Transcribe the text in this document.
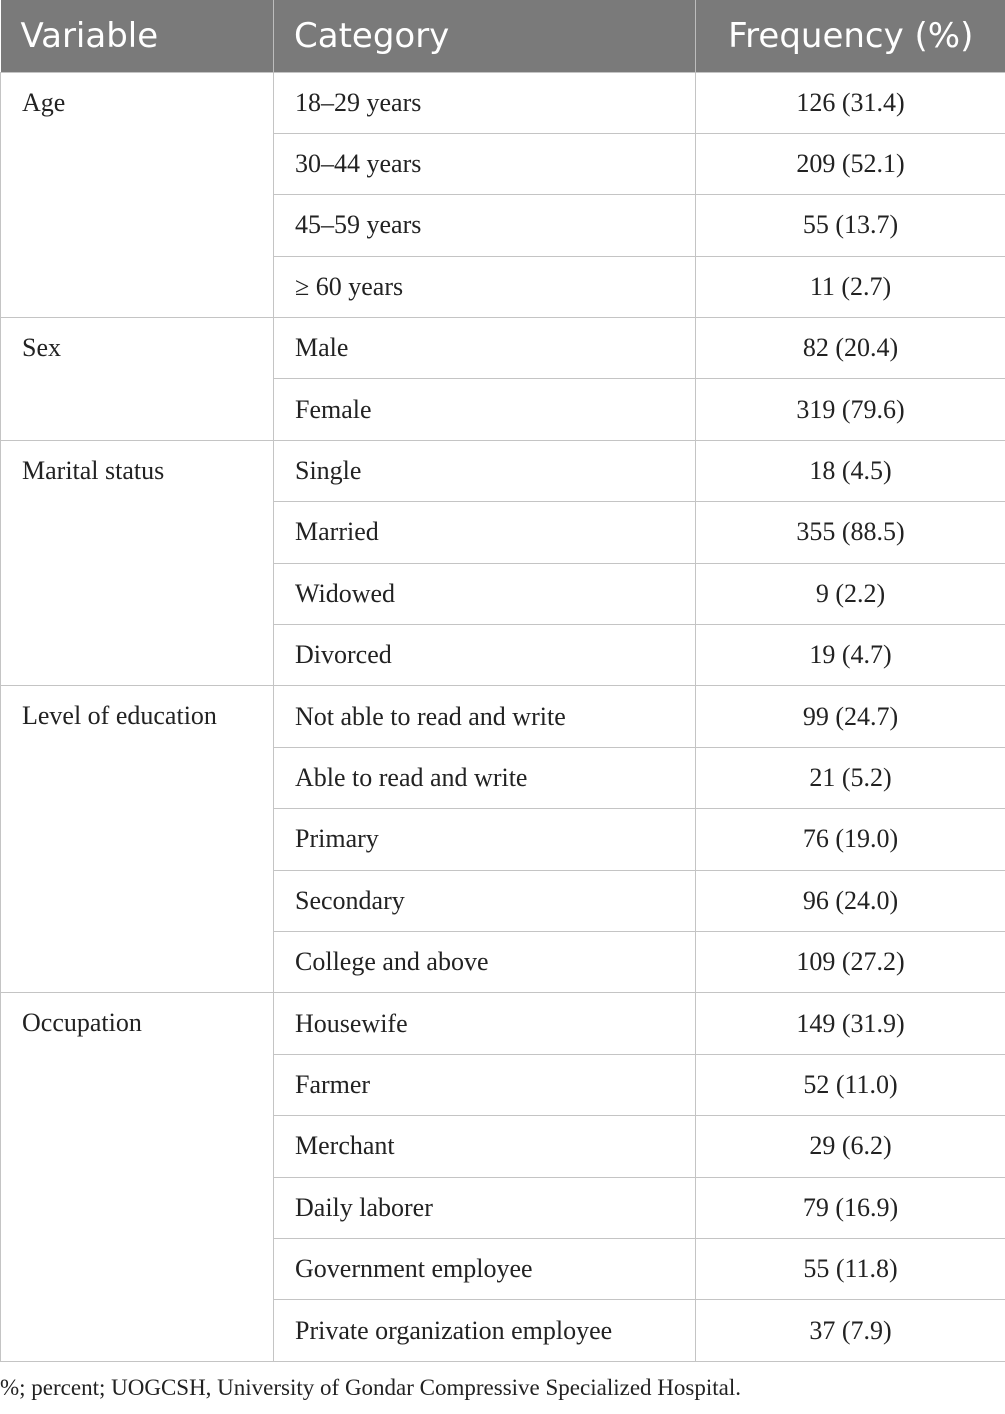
Variable	Category	Frequency (%)
Age	18–29 years	126 (31.4)
	30–44 years	209 (52.1)
	45–59 years	55 (13.7)
	≥ 60 years	11 (2.7)
Sex	Male	82 (20.4)
	Female	319 (79.6)
Marital status	Single	18 (4.5)
	Married	355 (88.5)
	Widowed	9 (2.2)
	Divorced	19 (4.7)
Level of education	Not able to read and write	99 (24.7)
	Able to read and write	21 (5.2)
	Primary	76 (19.0)
	Secondary	96 (24.0)
	College and above	109 (27.2)
Occupation	Housewife	149 (31.9)
	Farmer	52 (11.0)
	Merchant	29 (6.2)
	Daily laborer	79 (16.9)
	Government employee	55 (11.8)
	Private organization employee	37 (7.9)
%; percent; UOGCSH, University of Gondar Compressive Specialized Hospital.
